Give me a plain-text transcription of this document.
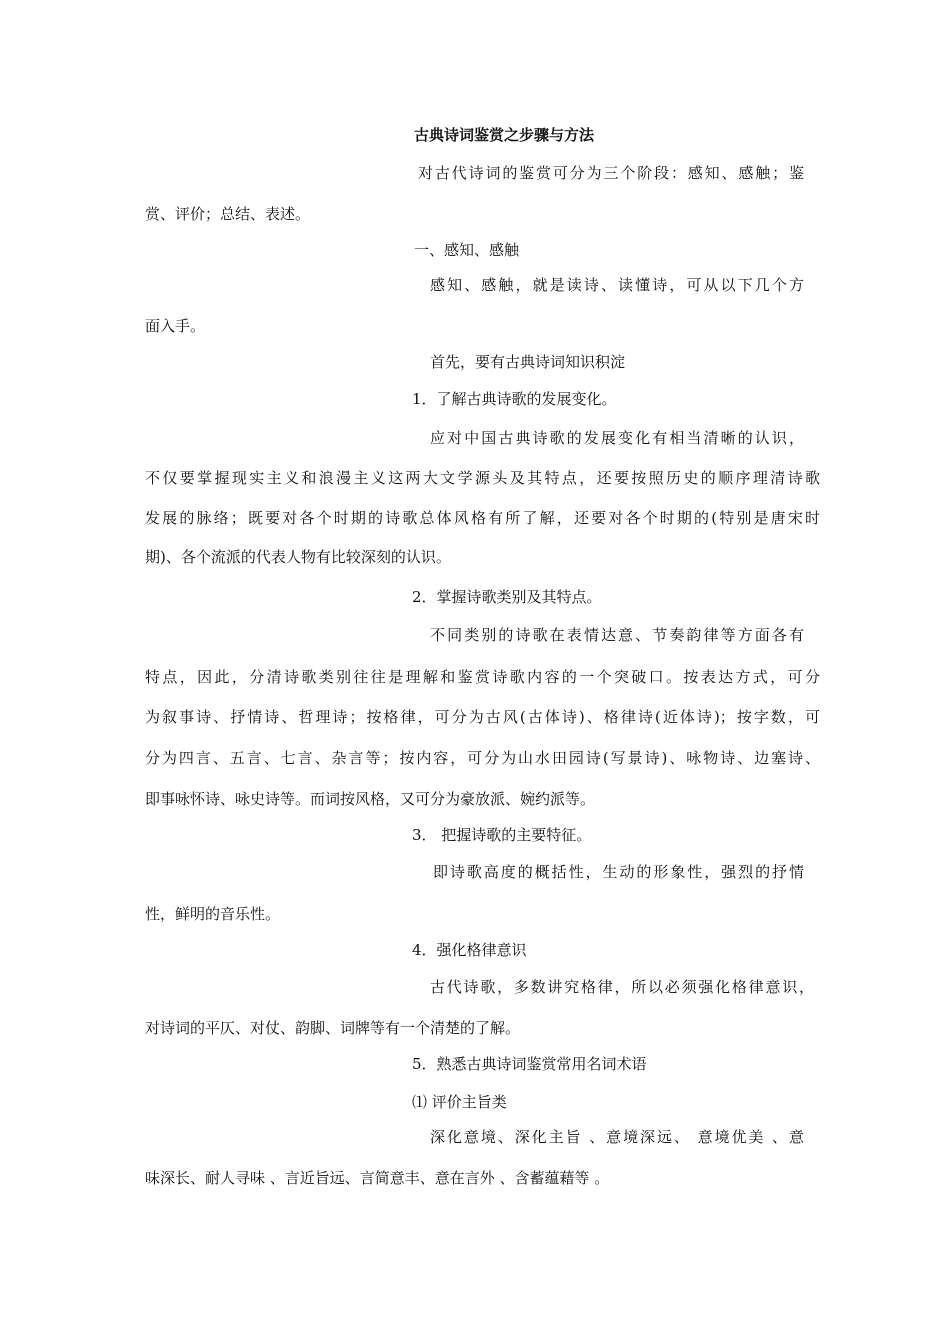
古典诗词鉴赏之步骤与方法

对古代诗词的鉴赏可分为三个阶段：感知、感触；鉴

赏、评价；总结、表述。

一、感知、感触

感知、感触，就是读诗、读懂诗，可从以下几个方

面入手。

首先，要有古典诗词知识积淀

1．了解古典诗歌的发展变化。

应对中国古典诗歌的发展变化有相当清晰的认识，

不仅要掌握现实主义和浪漫主义这两大文学源头及其特点，还要按照历史的顺序理清诗歌

发展的脉络；既要对各个时期的诗歌总体风格有所了解，还要对各个时期的(特别是唐宋时

期)、各个流派的代表人物有比较深刻的认识。

2．掌握诗歌类别及其特点。

不同类别的诗歌在表情达意、节奏韵律等方面各有

特点，因此，分清诗歌类别往往是理解和鉴赏诗歌内容的一个突破口。按表达方式，可分

为叙事诗、抒情诗、哲理诗；按格律，可分为古风(古体诗)、格律诗(近体诗)；按字数，可

分为四言、五言、七言、杂言等；按内容，可分为山水田园诗(写景诗)、咏物诗、边塞诗、

即事咏怀诗、咏史诗等。而词按风格，又可分为豪放派、婉约派等。

3． 把握诗歌的主要特征。

即诗歌高度的概括性，生动的形象性，强烈的抒情

性，鲜明的音乐性。

4．强化格律意识

古代诗歌，多数讲究格律，所以必须强化格律意识，

对诗词的平仄、对仗、韵脚、词牌等有一个清楚的了解。

5．熟悉古典诗词鉴赏常用名词术语

⑴ 评价主旨类

深化意境、深化主旨 、意境深远、 意境优美 、意

味深长、耐人寻味 、言近旨远、言简意丰、意在言外 、含蓄蕴藉等 。
